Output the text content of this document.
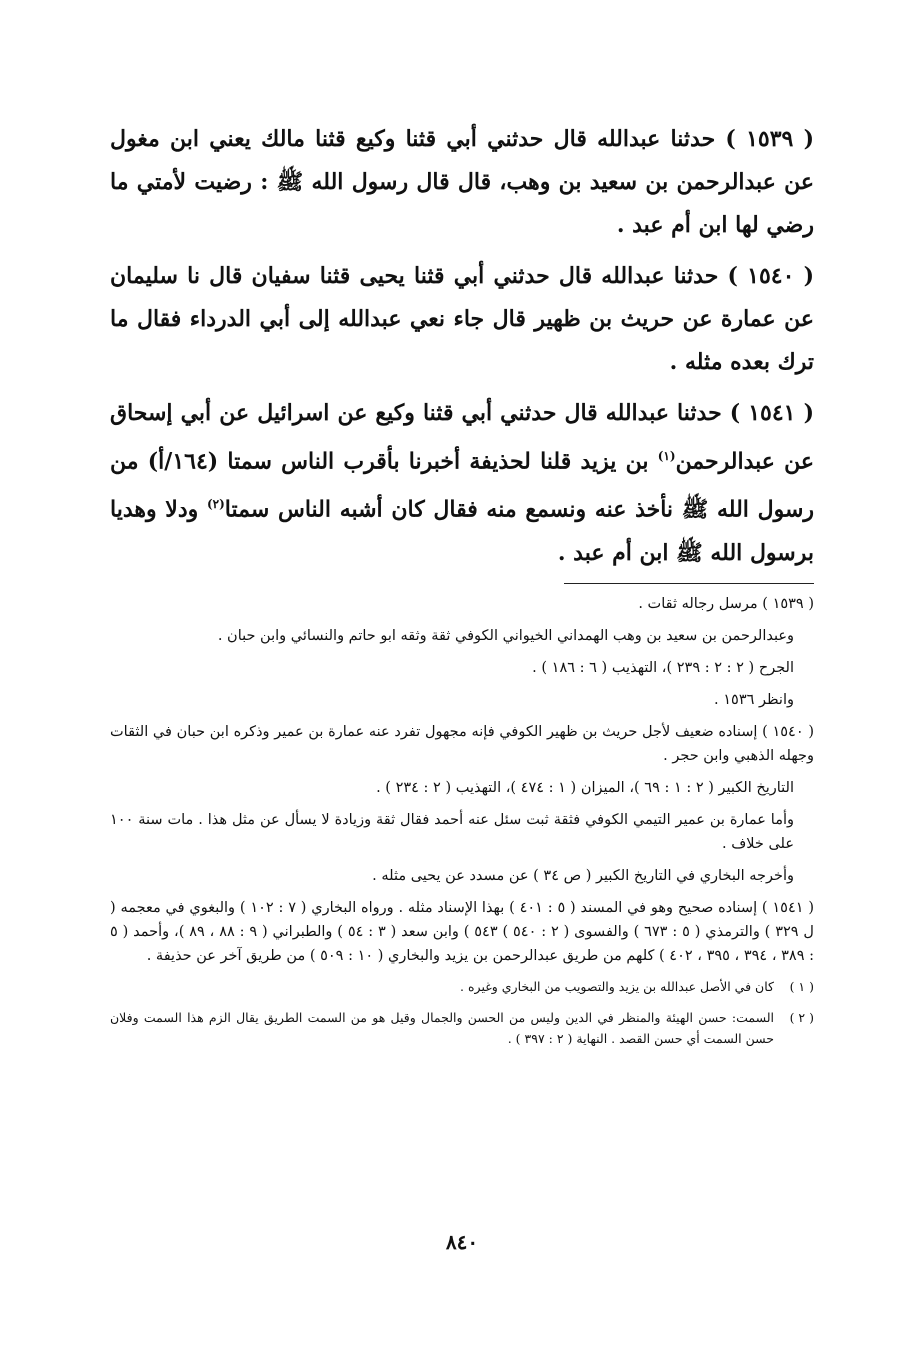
( ١٥٣٩ ) حدثنا عبدالله قال حدثني أبي قثنا وكيع قثنا مالك يعني ابن مغول عن عبدالرحمن بن سعيد بن وهب، قال قال رسول الله ﷺ : رضيت لأمتي ما رضي لها ابن أم عبد .

( ١٥٤٠ ) حدثنا عبدالله قال حدثني أبي قثنا يحيى قثنا سفيان قال نا سليمان عن عمارة عن حريث بن ظهير قال جاء نعي عبدالله إلى أبي الدرداء فقال ما ترك بعده مثله .

( ١٥٤١ ) حدثنا عبدالله قال حدثني أبي قثنا وكيع عن اسرائيل عن أبي إسحاق عن عبدالرحمن$^{(١)}$ بن يزيد قلنا لحذيفة أخبرنا بأقرب الناس سمتا (١٦٤/أ) من رسول الله ﷺ نأخذ عنه ونسمع منه فقال كان أشبه الناس سمتا$^{(٢)}$ ودلا وهديا برسول الله ﷺ ابن أم عبد .

( ١٥٣٩ ) مرسل رجاله ثقات .

وعبدالرحمن بن سعيد بن وهب الهمداني الخيواني الكوفي ثقة وثقه ابو حاتم والنسائي وابن حبان .

الجرح ( ٢ : ٢ : ٢٣٩ )، التهذيب ( ٦ : ١٨٦ ) .

وانظر ١٥٣٦ .

( ١٥٤٠ ) إسناده ضعيف لأجل حريث بن ظهير الكوفي فإنه مجهول تفرد عنه عمارة بن عمير وذكره ابن حبان في الثقات وجهله الذهبي وابن حجر .

التاريخ الكبير ( ٢ : ١ : ٦٩ )، الميزان ( ١ : ٤٧٤ )، التهذيب ( ٢ : ٢٣٤ ) .

وأما عمارة بن عمير التيمي الكوفي فثقة ثبت سئل عنه أحمد فقال ثقة وزيادة لا يسأل عن مثل هذا . مات سنة ١٠٠ على خلاف .

وأخرجه البخاري في التاريخ الكبير ( ص ٣٤ ) عن مسدد عن يحيى مثله .

( ١٥٤١ ) إسناده صحيح وهو في المسند ( ٥ : ٤٠١ ) بهذا الإسناد مثله . ورواه البخاري ( ٧ : ١٠٢ ) والبغوي في معجمه ( ل ٣٢٩ ) والترمذي ( ٥ : ٦٧٣ ) والفسوى ( ٢ : ٥٤٠ ) ٥٤٣ ) وابن سعد ( ٣ : ٥٤ ) والطبراني ( ٩ : ٨٨ ، ٨٩ )، وأحمد ( ٥ : ٣٨٩ ، ٣٩٤ ، ٣٩٥ ، ٤٠٢ ) كلهم من طريق عبدالرحمن بن يزيد والبخاري ( ١٠ : ٥٠٩ ) من طريق آخر عن حذيفة .

( ١ )
كان في الأصل عبدالله بن يزيد والتصويب من البخاري وغيره .
( ٢ )
السمت: حسن الهيئة والمنظر في الدين وليس من الحسن والجمال وقيل هو من السمت الطريق يقال الزم هذا السمت وفلان حسن السمت أي حسن القصد . النهاية ( ٢ : ٣٩٧ ) .
٨٤٠
